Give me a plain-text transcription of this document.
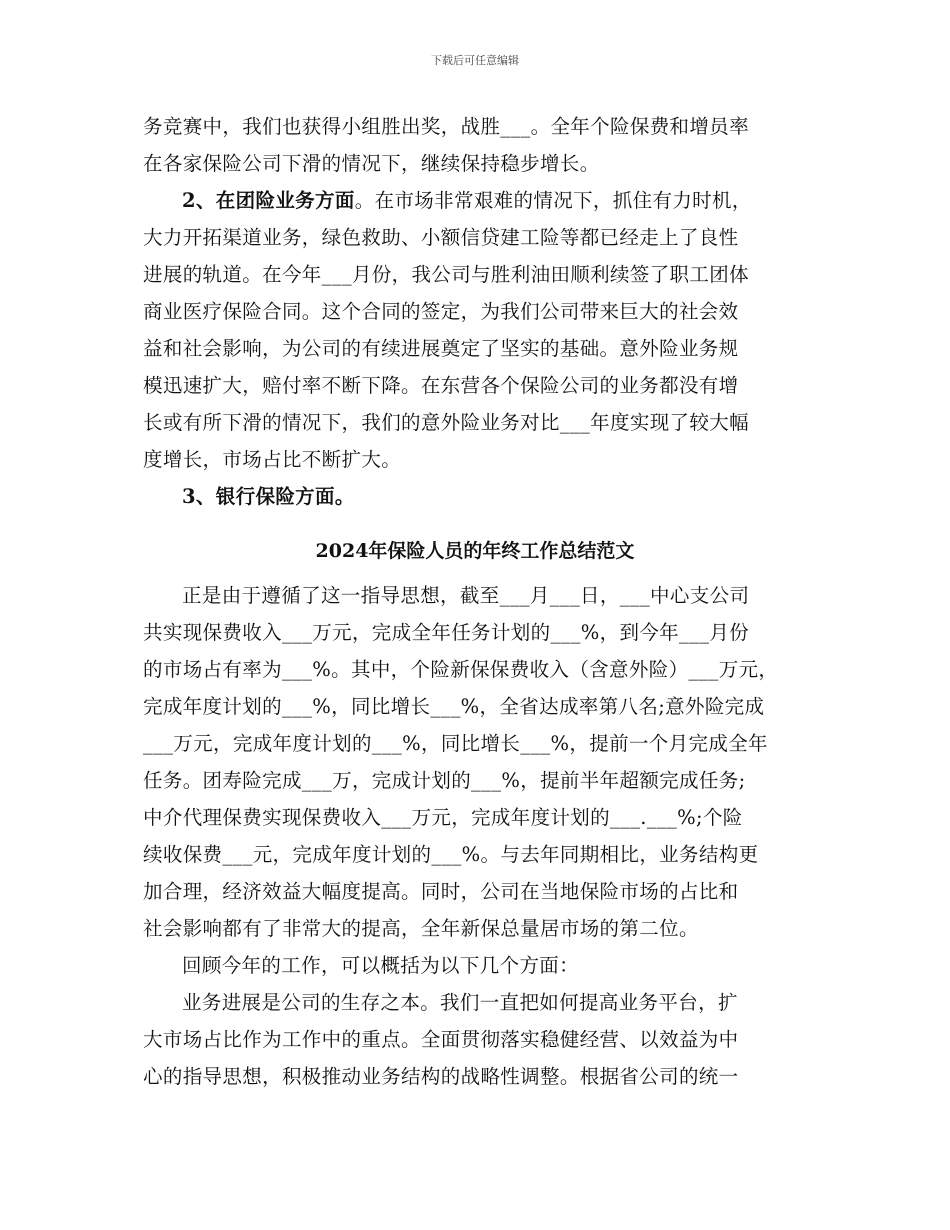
下载后可任意编辑
务竞赛中，我们也获得小组胜出奖，战胜___。全年个险保费和增员率
在各家保险公司下滑的情况下，继续保持稳步增长。
2、在团险业务方面。在市场非常艰难的情况下，抓住有力时机，
大力开拓渠道业务，绿色救助、小额信贷建工险等都已经走上了良性
进展的轨道。在今年___月份，我公司与胜利油田顺利续签了职工团体
商业医疗保险合同。这个合同的签定，为我们公司带来巨大的社会效
益和社会影响，为公司的有续进展奠定了坚实的基础。意外险业务规
模迅速扩大，赔付率不断下降。在东营各个保险公司的业务都没有增
长或有所下滑的情况下，我们的意外险业务对比___年度实现了较大幅
度增长，市场占比不断扩大。
3、银行保险方面。
2024年保险人员的年终工作总结范文
正是由于遵循了这一指导思想，截至___月___日，___中心支公司
共实现保费收入___万元，完成全年任务计划的___%，到今年___月份
的市场占有率为___%。其中，个险新保保费收入（含意外险）___万元，
完成年度计划的___%，同比增长___%，全省达成率第八名;意外险完成
___万元，完成年度计划的___%，同比增长___%，提前一个月完成全年
任务。团寿险完成___万，完成计划的___%，提前半年超额完成任务;
中介代理保费实现保费收入___万元，完成年度计划的___.___%;个险
续收保费___元，完成年度计划的___%。与去年同期相比，业务结构更
加合理，经济效益大幅度提高。同时，公司在当地保险市场的占比和
社会影响都有了非常大的提高，全年新保总量居市场的第二位。
回顾今年的工作，可以概括为以下几个方面：
业务进展是公司的生存之本。我们一直把如何提高业务平台，扩
大市场占比作为工作中的重点。全面贯彻落实稳健经营、以效益为中
心的指导思想，积极推动业务结构的战略性调整。根据省公司的统一
